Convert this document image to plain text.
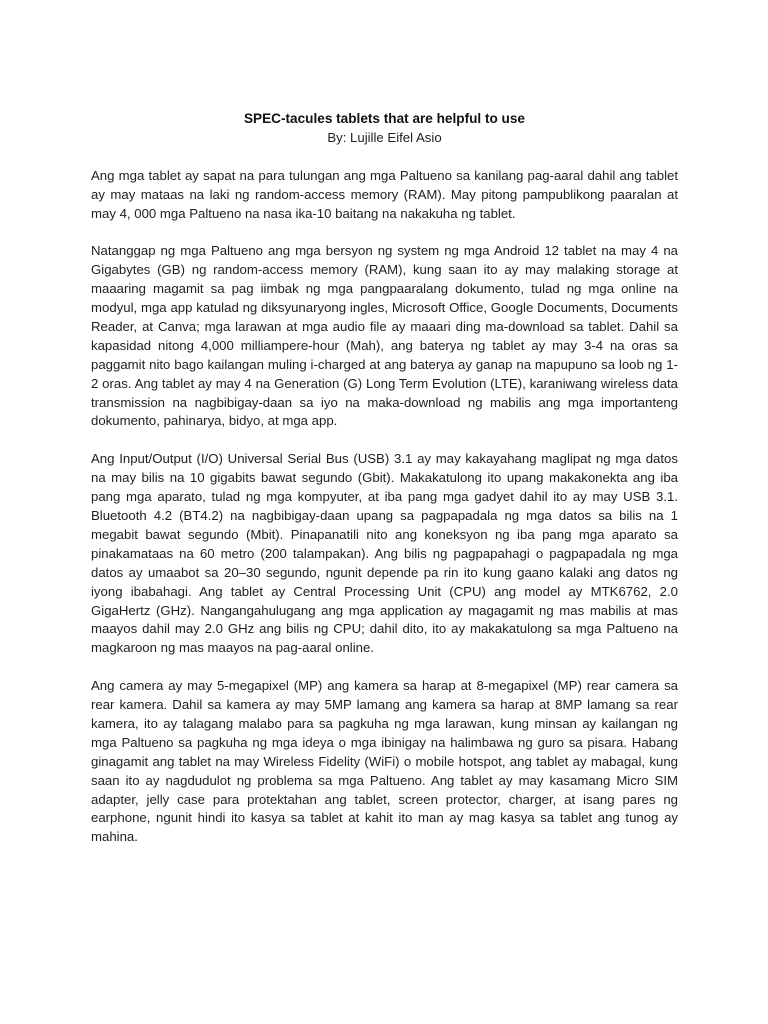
SPEC-tacules tablets that are helpful to use

By: Lujille Eifel Asio

Ang mga tablet ay sapat na para tulungan ang mga Paltueno sa kanilang pag-aaral dahil ang tablet ay may mataas na laki ng random-access memory (RAM). May pitong pampublikong paaralan at may 4, 000 mga Paltueno na nasa ika-10 baitang na nakakuha ng tablet.

Natanggap ng mga Paltueno ang mga bersyon ng system ng mga Android 12 tablet na may 4 na Gigabytes (GB) ng random-access memory (RAM), kung saan ito ay may malaking storage at maaaring magamit sa pag iimbak ng mga pangpaaralang dokumento, tulad ng mga online na modyul, mga app katulad ng diksyunaryong ingles, Microsoft Office, Google Documents, Documents Reader, at Canva; mga larawan at mga audio file ay maaari ding ma-download sa tablet. Dahil sa kapasidad nitong 4,000 milliampere-hour (Mah), ang baterya ng tablet ay may 3-4 na oras sa paggamit nito bago kailangan muling i-charged at ang baterya ay ganap na mapupuno sa loob ng 1-2 oras. Ang tablet ay may 4 na Generation (G) Long Term Evolution (LTE), karaniwang wireless data transmission na nagbibigay-daan sa iyo na maka-download ng mabilis ang mga importanteng dokumento, pahinarya, bidyo, at mga app.

Ang Input/Output (I/O) Universal Serial Bus (USB) 3.1 ay may kakayahang maglipat ng mga datos na may bilis na 10 gigabits bawat segundo (Gbit). Makakatulong ito upang makakonekta ang iba pang mga aparato, tulad ng mga kompyuter, at iba pang mga gadyet dahil ito ay may USB 3.1. Bluetooth 4.2 (BT4.2) na nagbibigay-daan upang sa pagpapadala ng mga datos sa bilis na 1 megabit bawat segundo (Mbit). Pinapanatili nito ang koneksyon ng iba pang mga aparato sa pinakamataas na 60 metro (200 talampakan). Ang bilis ng pagpapahagi o pagpapadala ng mga datos ay umaabot sa 20–30 segundo, ngunit depende pa rin ito kung gaano kalaki ang datos ng iyong ibabahagi. Ang tablet ay Central Processing Unit (CPU) ang model ay MTK6762, 2.0 GigaHertz (GHz). Nangangahulugang ang mga application ay magagamit ng mas mabilis at mas maayos dahil may 2.0 GHz ang bilis ng CPU; dahil dito, ito ay makakatulong sa mga Paltueno na magkaroon ng mas maayos na pag-aaral online.

Ang camera ay may 5-megapixel (MP) ang kamera sa harap at 8-megapixel (MP) rear camera sa rear kamera. Dahil sa kamera ay may 5MP lamang ang kamera sa harap at 8MP lamang sa rear kamera, ito ay talagang malabo para sa pagkuha ng mga larawan, kung minsan ay kailangan ng mga Paltueno sa pagkuha ng mga ideya o mga ibinigay na halimbawa ng guro sa pisara. Habang ginagamit ang tablet na may Wireless Fidelity (WiFi) o mobile hotspot, ang tablet ay mabagal, kung saan ito ay nagdudulot ng problema sa mga Paltueno. Ang tablet ay may kasamang Micro SIM adapter, jelly case para protektahan ang tablet, screen protector, charger, at isang pares ng earphone, ngunit hindi ito kasya sa tablet at kahit ito man ay mag kasya sa tablet ang tunog ay mahina.
